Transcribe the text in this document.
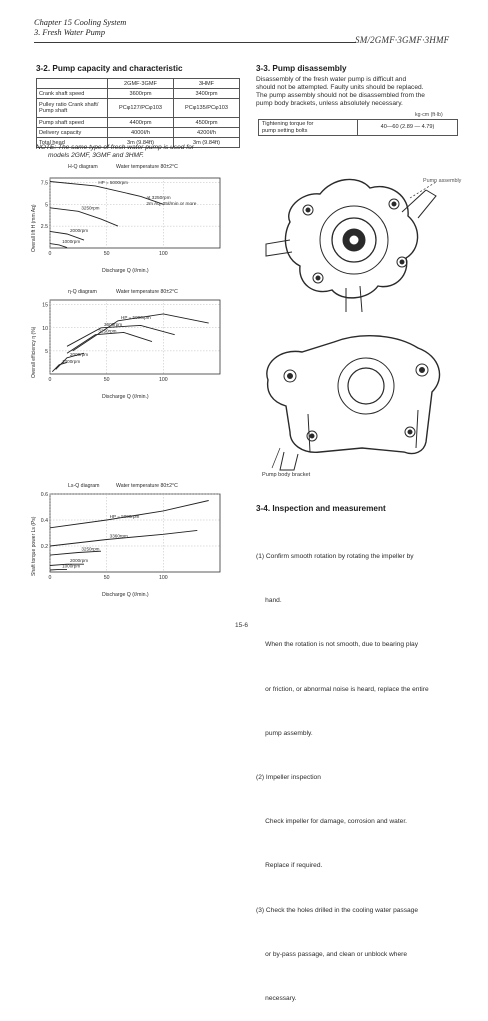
Chapter 15 Cooling System
3. Fresh Water Pump
SM/2GMF·3GMF·3HMF
3-2. Pump capacity and characteristic
	2GMF·3GMF	3HMF
Crank shaft speed	3600rpm	3400rpm
Pulley ratio Crank shaft/ Pump shaft	PCφ127/PCφ103	PCφ135/PCφ103
Pump shaft speed	4400rpm	4500rpm
Delivery capacity	4000ℓ/h	4200ℓ/h
Total head	3m (9.84ft)	3m (9.84ft)
NOTE: The same type of fresh water pump is used for
models 2GMF, 3GMF and 3HMF.
3-3. Pump disassembly
Disassembly of the fresh water pump is difficult and
should not be attempted. Faulty units should be replaced.
The pump assembly should not be disassembled from the
pump body brackets, unless absolutely necessary.
kg·cm (ft·lb)
Tightening torque for
pump setting bolts
	40—60 (2.89 — 4.79)
H-Q diagram	Water temperature 80±2°C
Overall lift H (mm Aq)
0	50	100
2.5
5
7.5	HP = 5000rpm
3250rpm
2000rpm
1000rpm
at 3250rpm
2m Aq, 25ℓ/min or more
Discharge Q (ℓ/min.)
η-Q diagram	Water temperature 80±2°C
Overall efficiency η (%)
0	50	100
5
10
15
HP = 5000rpm
3600rpm
3250rpm
2000rpm
1000rpm
Discharge Q (ℓ/min.)
Ls-Q diagram	Water temperature 80±2°C
Shaft torque power Ls (Ps)
0	50	100
0.2
0.4
0.6
HP = 5000rpm
3360rpm
3250rpm
2000rpm
1000rpm
Discharge Q (ℓ/min.)
Pump assembly
Pump body bracket
3-4. Inspection and measurement

(1) Confirm smooth rotation by rotating the impeller by

hand.

When the rotation is not smooth, due to bearing play

or friction, or abnormal noise is heard, replace the entire

pump assembly.

(2) Impeller inspection

Check impeller for damage, corrosion and water.

Replace if required.

(3) Check the holes drilled in the cooling water passage

or by-pass passage, and clean or unblock where

necessary.

15-6
